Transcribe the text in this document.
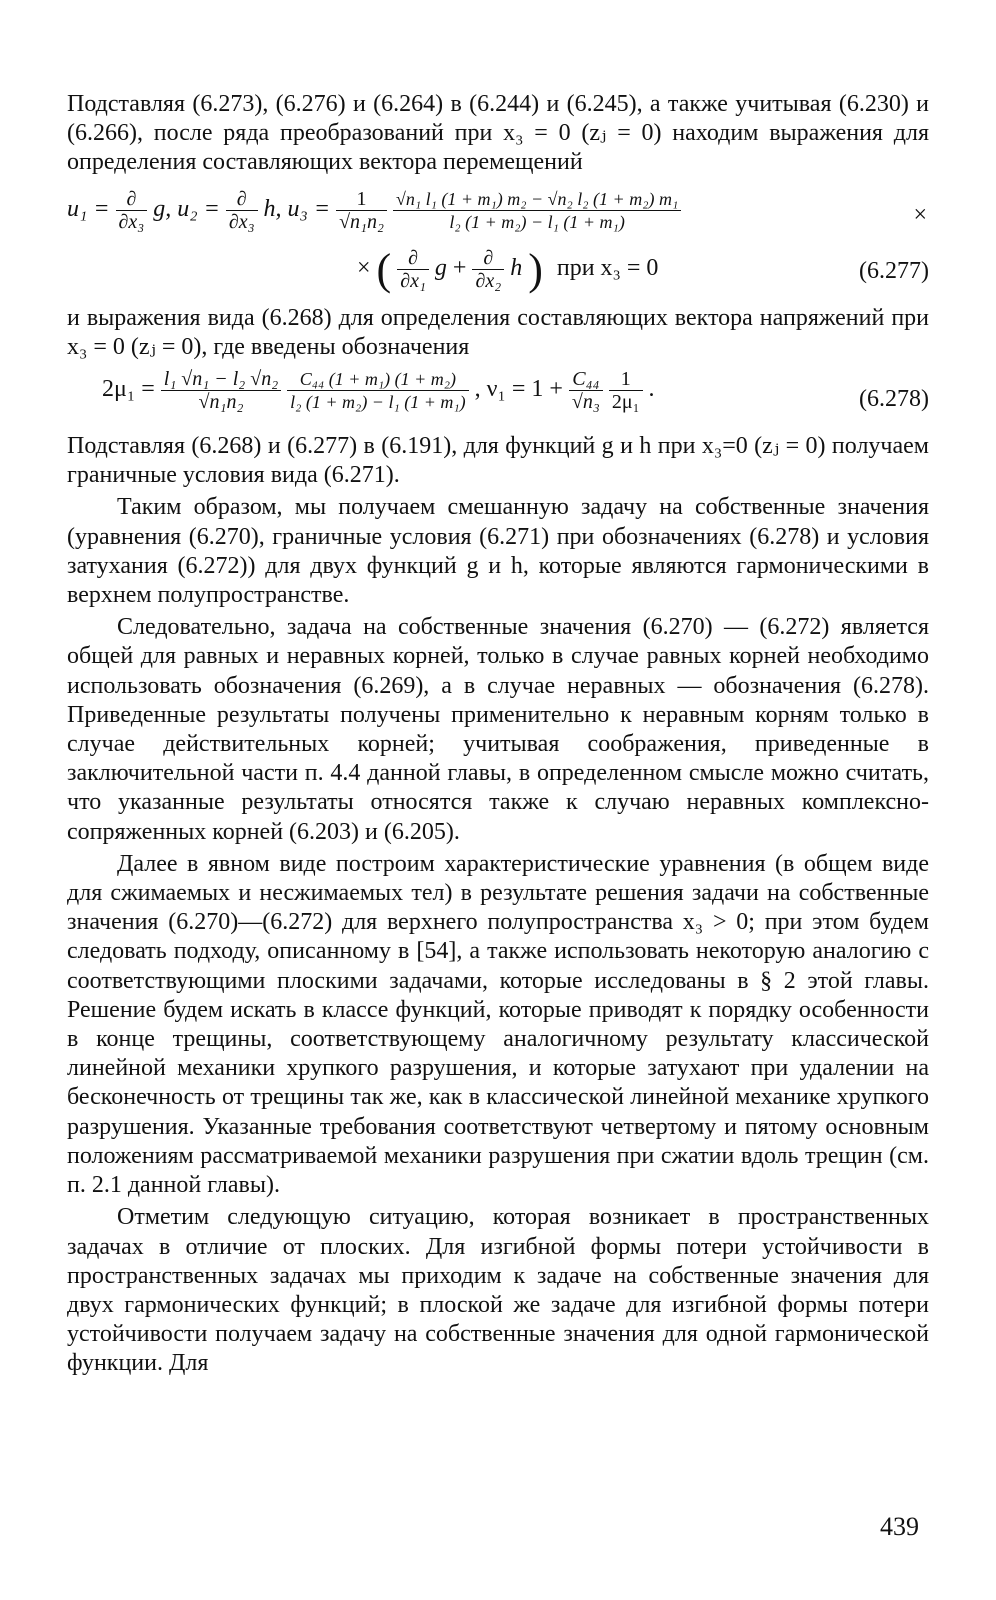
Подставляя (6.273), (6.276) и (6.264) в (6.244) и (6.245), а также учитывая (6.230) и (6.266), после ряда преобразований при x₃ = 0 (zⱼ = 0) находим выражения для определения составляющих вектора перемещений

$u_1 = \frac{\partial}{\text{∂x₃}} g$, $u_2 = \frac{\partial}{\text{∂x₃}} h$, $u_3 = \frac{1}{\text{√n₁n₂}}$
$\frac{\text{√n₁ l₁ (1 + m₁) m₂ − √n₂ l₂ (1 + m₂) m₁}}{\text{l₂ (1 + m₂) − l₁ (1 + m₁)}}$	×
× ( $\frac{\partial}{\text{∂x₁}}$ $g + \frac{\partial}{\text{∂x₂}}$ h ) при x₃ = 0	(6.277)

и выражения вида (6.268) для определения составляющих вектора напряжений при x₃ = 0 (zⱼ = 0), где введены обозначения

$2\mu_1 = \frac{\text{l₁ √n₁ − l₂ √n₂}}{\text{√n₁n₂}}$
$\frac{\text{C₄₄ (1 + m₁) (1 + m₂)}}{\text{l₂ (1 + m₂) − l₁ (1 + m₁)}}$ , $\nu_1 = 1 + \frac{\text{C₄₄}}{\text{√n₃}}$
$\frac{1}{\text{2μ₁}}$ .	(6.278)

Подставляя (6.268) и (6.277) в (6.191), для функций g и h при x₃=0 (zⱼ = 0) получаем граничные условия вида (6.271).

Таким образом, мы получаем смешанную задачу на собственные значения (уравнения (6.270), граничные условия (6.271) при обозначениях (6.278) и условия затухания (6.272)) для двух функций g и h, которые являются гармоническими в верхнем полупространстве.

Следовательно, задача на собственные значения (6.270) — (6.272) является общей для равных и неравных корней, только в случае равных корней необходимо использовать обозначения (6.269), а в случае неравных — обозначения (6.278). Приведенные результаты получены применительно к неравным корням только в случае действительных корней; учитывая соображения, приведенные в заключительной части п. 4.4 данной главы, в определенном смысле можно считать, что указанные результаты относятся также к случаю неравных комплексно-сопряженных корней (6.203) и (6.205).

Далее в явном виде построим характеристические уравнения (в общем виде для сжимаемых и несжимаемых тел) в результате решения задачи на собственные значения (6.270)—(6.272) для верхнего полупространства x₃ > 0; при этом будем следовать подходу, описанному в [54], а также использовать некоторую аналогию с соответствующими плоскими задачами, которые исследованы в § 2 этой главы. Решение будем искать в классе функций, которые приводят к порядку особенности в конце трещины, соответствующему аналогичному результату классической линейной механики хрупкого разрушения, и которые затухают при удалении на бесконечность от трещины так же, как в классической линейной механике хрупкого разрушения. Указанные требования соответствуют четвертому и пятому основным положениям рассматриваемой механики разрушения при сжатии вдоль трещин (см. п. 2.1 данной главы).

Отметим следующую ситуацию, которая возникает в пространственных задачах в отличие от плоских. Для изгибной формы потери устойчивости в пространственных задачах мы приходим к задаче на собственные значения для двух гармонических функций; в плоской же задаче для изгибной формы потери устойчивости получаем задачу на собственные значения для одной гармонической функции. Для

439
